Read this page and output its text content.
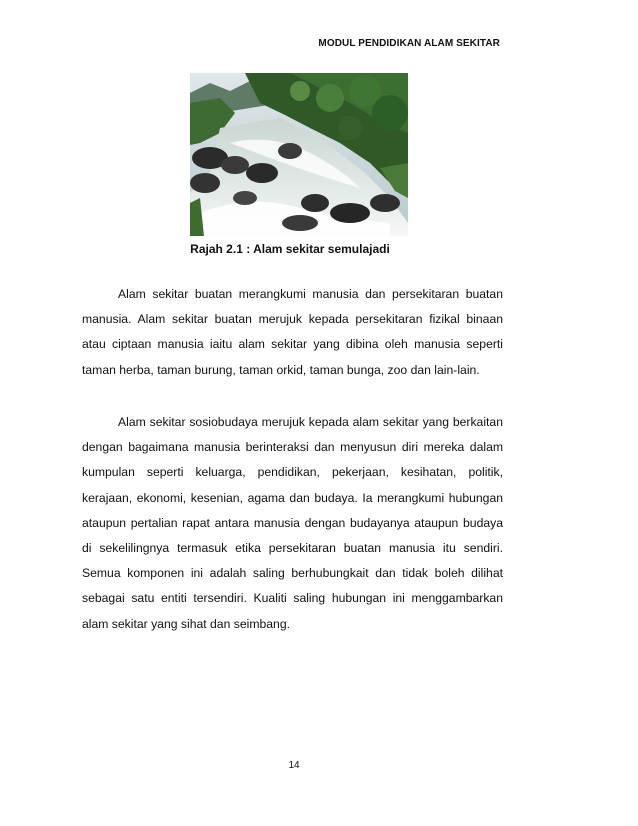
MODUL PENDIDIKAN ALAM SEKITAR
Rajah 2.1 : Alam sekitar semulajadi

Alam sekitar buatan merangkumi manusia dan persekitaran buatan manusia. Alam sekitar buatan merujuk kepada persekitaran fizikal binaan atau ciptaan manusia iaitu alam sekitar yang dibina oleh manusia seperti taman herba, taman burung, taman orkid, taman bunga, zoo dan lain-lain.

Alam sekitar sosiobudaya merujuk kepada alam sekitar yang berkaitan dengan bagaimana manusia berinteraksi dan menyusun diri mereka dalam kumpulan seperti keluarga, pendidikan, pekerjaan, kesihatan, politik, kerajaan, ekonomi, kesenian, agama dan budaya. Ia merangkumi hubungan ataupun pertalian rapat antara manusia dengan budayanya ataupun budaya di sekelilingnya termasuk etika persekitaran buatan manusia itu sendiri. Semua komponen ini adalah saling berhubungkait dan tidak boleh dilihat sebagai satu entiti tersendiri. Kualiti saling hubungan ini menggambarkan alam sekitar yang sihat dan seimbang.

14
